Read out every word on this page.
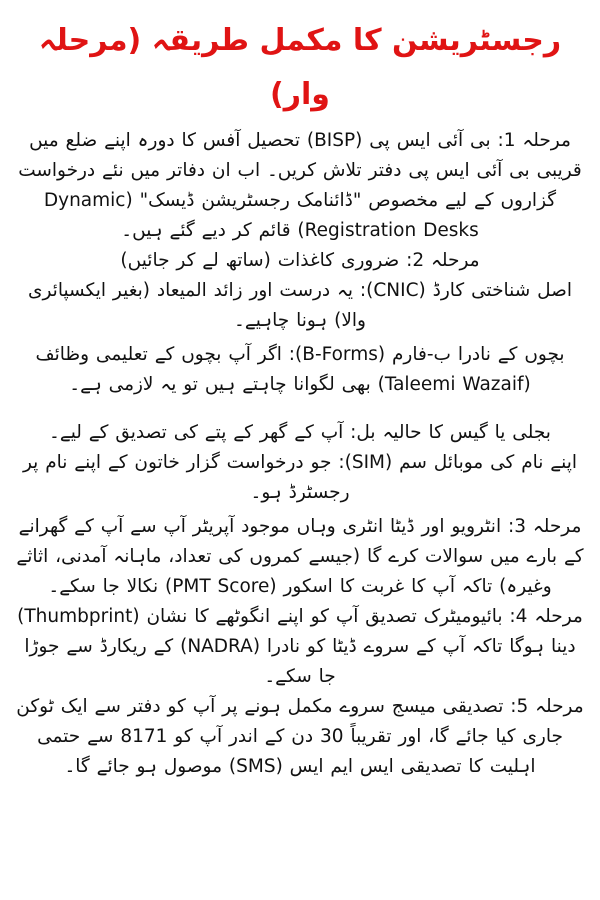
رجسٹریشن کا مکمل طریقہ (مرحلہ وار)

مرحلہ 1: بی آئی ایس پی (BISP) تحصیل آفس کا دورہ اپنے ضلع میں قریبی بی آئی ایس پی دفتر تلاش کریں۔ اب ان دفاتر میں نئے درخواست گزاروں کے لیے مخصوص "ڈائنامک رجسٹریشن ڈیسک" (Dynamic Registration Desks) قائم کر دیے گئے ہیں۔

مرحلہ 2: ضروری کاغذات (ساتھ لے کر جائیں)

اصل شناختی کارڈ (CNIC): یہ درست اور زائد المیعاد (بغیر ایکسپائری والا) ہونا چاہیے۔

بچوں کے نادرا ب-فارم (B-Forms): اگر آپ بچوں کے تعلیمی وظائف (Taleemi Wazaif) بھی لگوانا چاہتے ہیں تو یہ لازمی ہے۔

بجلی یا گیس کا حالیہ بل: آپ کے گھر کے پتے کی تصدیق کے لیے۔

اپنے نام کی موبائل سم (SIM): جو درخواست گزار خاتون کے اپنے نام پر رجسٹرڈ ہو۔

مرحلہ 3: انٹرویو اور ڈیٹا انٹری وہاں موجود آپریٹر آپ سے آپ کے گھرانے کے بارے میں سوالات کرے گا (جیسے کمروں کی تعداد، ماہانہ آمدنی، اثاثے وغیرہ) تاکہ آپ کا غربت کا اسکور (PMT Score) نکالا جا سکے۔

مرحلہ 4: بائیومیٹرک تصدیق آپ کو اپنے انگوٹھے کا نشان (Thumbprint) دینا ہوگا تاکہ آپ کے سروے ڈیٹا کو نادرا (NADRA) کے ریکارڈ سے جوڑا جا سکے۔

مرحلہ 5: تصدیقی میسج سروے مکمل ہونے پر آپ کو دفتر سے ایک ٹوکن جاری کیا جائے گا، اور تقریباً 30 دن کے اندر آپ کو 8171 سے حتمی اہلیت کا تصدیقی ایس ایم ایس (SMS) موصول ہو جائے گا۔
